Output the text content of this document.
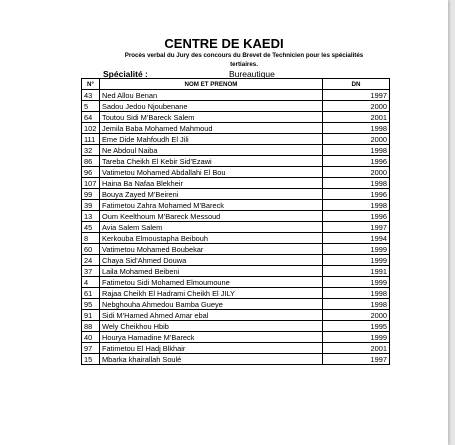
CENTRE DE KAEDI
Procès verbal du Jury des concours du Brevet de Technicien pour les spécialités tertiaires.
Spécialité :	Bureautique
N°	NOM ET PRENOM	DN
43	Ned Allou Benan	1997
5	Sadou Jedou Njoubenane	2000
64	Toutou Sidi M’Bareck Salem	2001
102	Jemila Baba Mohamed Mahmoud	1998
111	Eme Dide Mahfoudh El Jili	2000
32	Ne Abdoul Naiba	1998
86	Tareba Cheikh El Kebir Sid’Ezawi	1996
96	Vatimetou Mohamed Abdallahi El Bou	2000
107	Haina Ba Nafaa Blekheir	1998
99	Bouya Zayed M’Beireni	1996
39	Fatimetou Zahra Mohamed M’Bareck	1998
13	Oum Keelthoum M’Bareck Messoud	1996
45	Avia Salem Salem	1997
8	Kerkouba Elmoustapha Beibouh	1994
60	Vatimetou Mohamed Boubekar	1999
24	Chaya Sid’Ahmed Douwa	1999
37	Laila Mohamed Beibeni	1991
4	Fatimetou Sidi Mohamed Elmoumoune	1999
61	Rajaa Cheikh El Hadrami Cheikh El JILY	1998
95	Nebghouha Ahmedou Bamba Gueye	1998
91	Sidi M’Hamed Ahmed Amar ebal	2000
88	Wely Cheikhou Hbib	1995
40	Hourya Hamadine M’Bareck	1999
97	Fatimetou El Hadj Blkhair	2001
15	Mbarka khairallah Soulé	1997
